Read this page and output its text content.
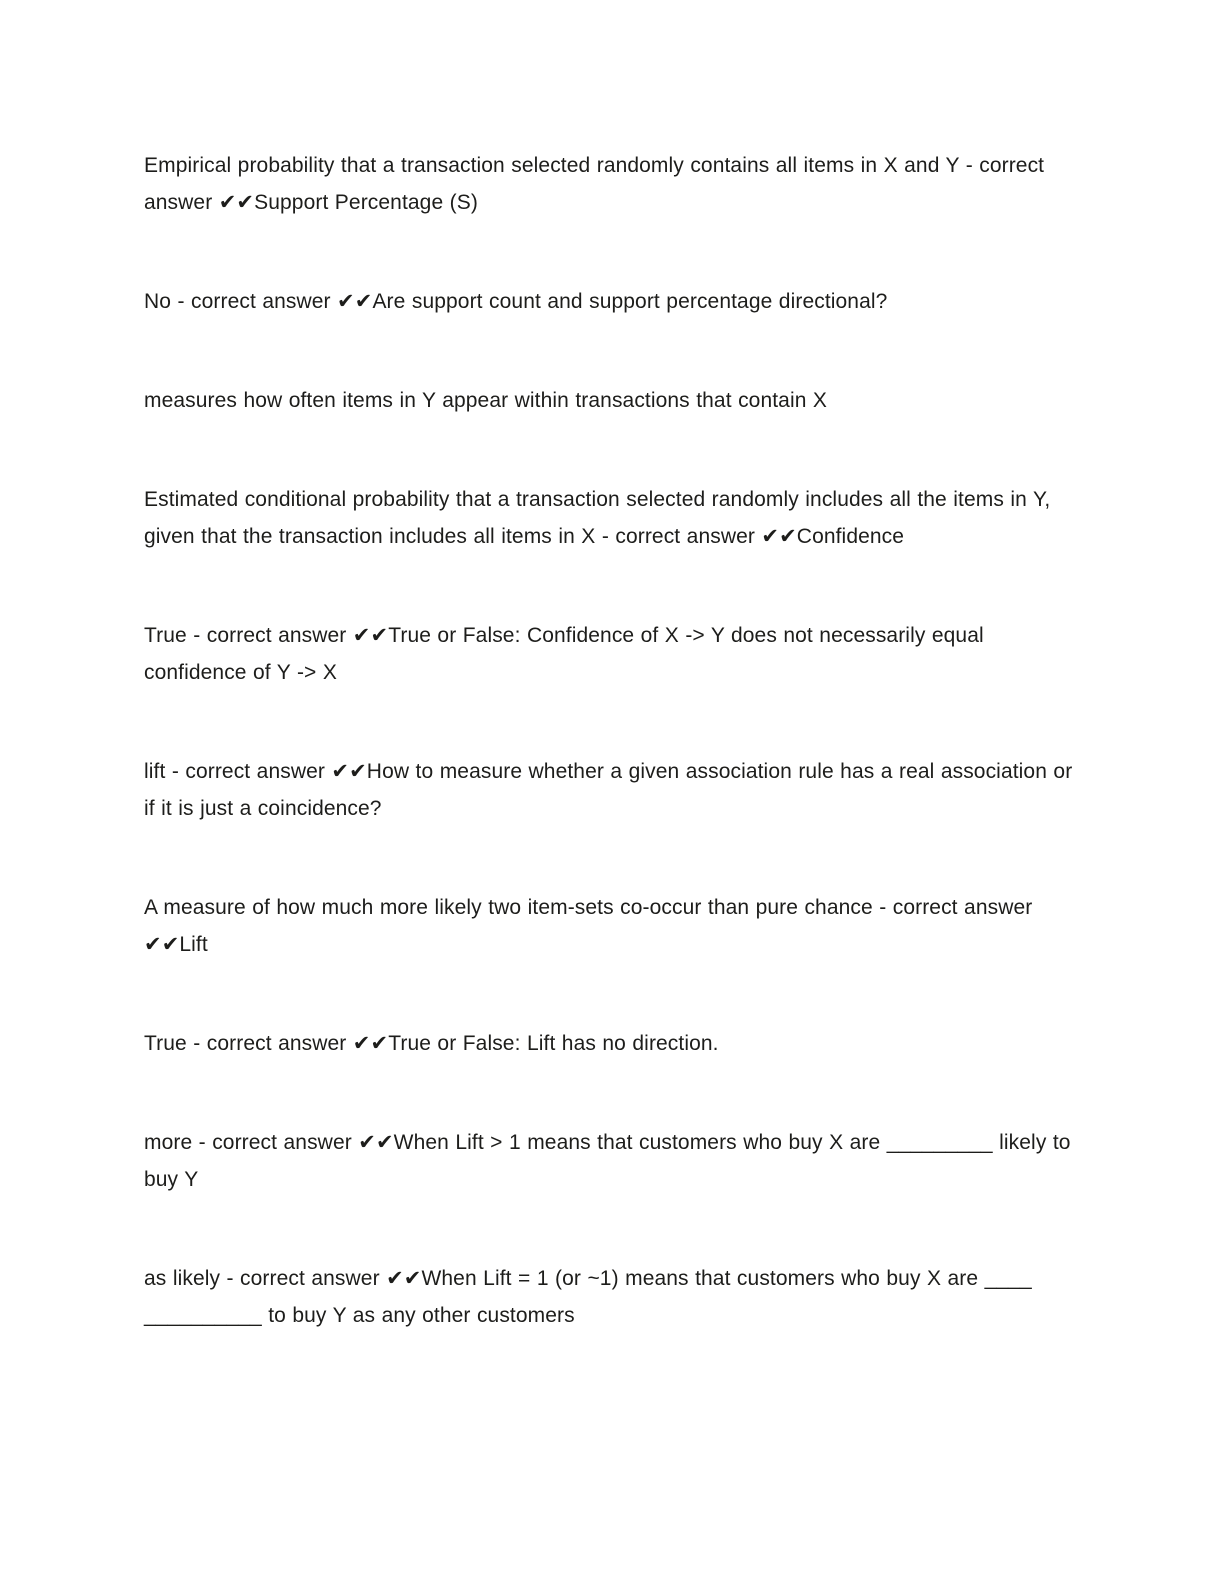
Empirical probability that a transaction selected randomly contains all items in X and Y - correct answer ✔✔Support Percentage (S)

No - correct answer ✔✔Are support count and support percentage directional?

measures how often items in Y appear within transactions that contain X

Estimated conditional probability that a transaction selected randomly includes all the items in Y, given that the transaction includes all items in X - correct answer ✔✔Confidence

True - correct answer ✔✔True or False: Confidence of X -> Y does not necessarily equal confidence of Y -> X

lift - correct answer ✔✔How to measure whether a given association rule has a real association or if it is just a coincidence?

A measure of how much more likely two item-sets co-occur than pure chance - correct answer ✔✔Lift

True - correct answer ✔✔True or False: Lift has no direction.

more - correct answer ✔✔When Lift > 1 means that customers who buy X are _________ likely to buy Y

as likely - correct answer ✔✔When Lift = 1 (or ~1) means that customers who buy X are ____ __________ to buy Y as any other customers
